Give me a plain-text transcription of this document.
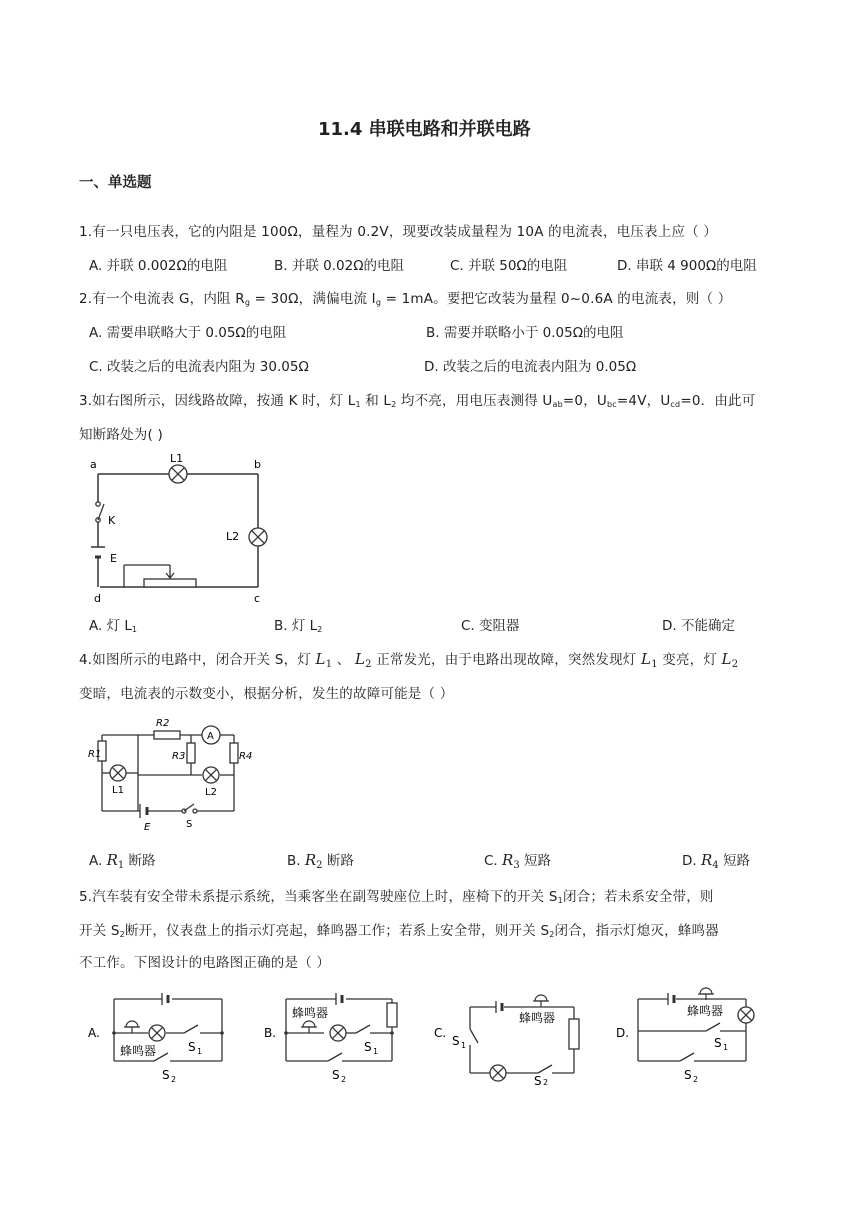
11.4 串联电路和并联电路
一、单选题
1.有一只电压表，它的内阻是 100Ω，量程为 0.2V，现要改装成量程为 10A 的电流表，电压表上应（ ）
A. 并联 0.002Ω的电阻	B. 并联 0.02Ω的电阻	C. 并联 50Ω的电阻	D. 串联 4 900Ω的电阻
2.有一个电流表 G，内阻 $R_g = 30\Omega$，满偏电流 $I_g = 1mA$。要把它改装为量程 0~0.6A 的电流表，则（ ）
A. 需要串联略大于 0.05Ω的电阻	B. 需要并联略小于 0.05Ω的电阻
C. 改装之后的电流表内阻为 30.05Ω	D. 改装之后的电流表内阻为 0.05Ω
3.如右图所示，因线路故障，按通 K 时，灯 $L_1$ 和 $L_2$ 均不亮，用电压表测得 $U_{ab}=0$，$U_{bc}=4V$，$U_{cd}=0$．由此可
知断路处为( )
a	b
c
d
L1
L2
K
E
A. 灯 $L_1$	B. 灯 $L_2$	C. 变阻器	D. 不能确定
4.如图所示的电路中，闭合开关 S，灯 $L_1$ 、 $L_2$ 正常发光，由于电路出现故障，突然发现灯 $L_1$ 变亮，灯 $L_2$
变暗，电流表的示数变小，根据分析，发生的故障可能是（ ）
A
R1
R2
R3	R4
L1	L2
E	S
A. $R_1$ 断路	B. $R_2$ 断路	C. $R_3$ 短路	D. $R_4$ 短路
5.汽车装有安全带未系提示系统，当乘客坐在副驾驶座位上时，座椅下的开关 $S_1$闭合；若未系安全带，则
开关 $S_2$断开，仪表盘上的指示灯亮起，蜂鸣器工作；若系上安全带，则开关 $S_2$闭合，指示灯熄灭，蜂鸣器
不工作。下图设计的电路图正确的是（ ）
A.
蜂鸣器	S 1
S 2
B.
蜂鸣器
S 1
S 2
C.
蜂鸣器
S 1
S 2
D.
蜂鸣器
S 1
S 2
